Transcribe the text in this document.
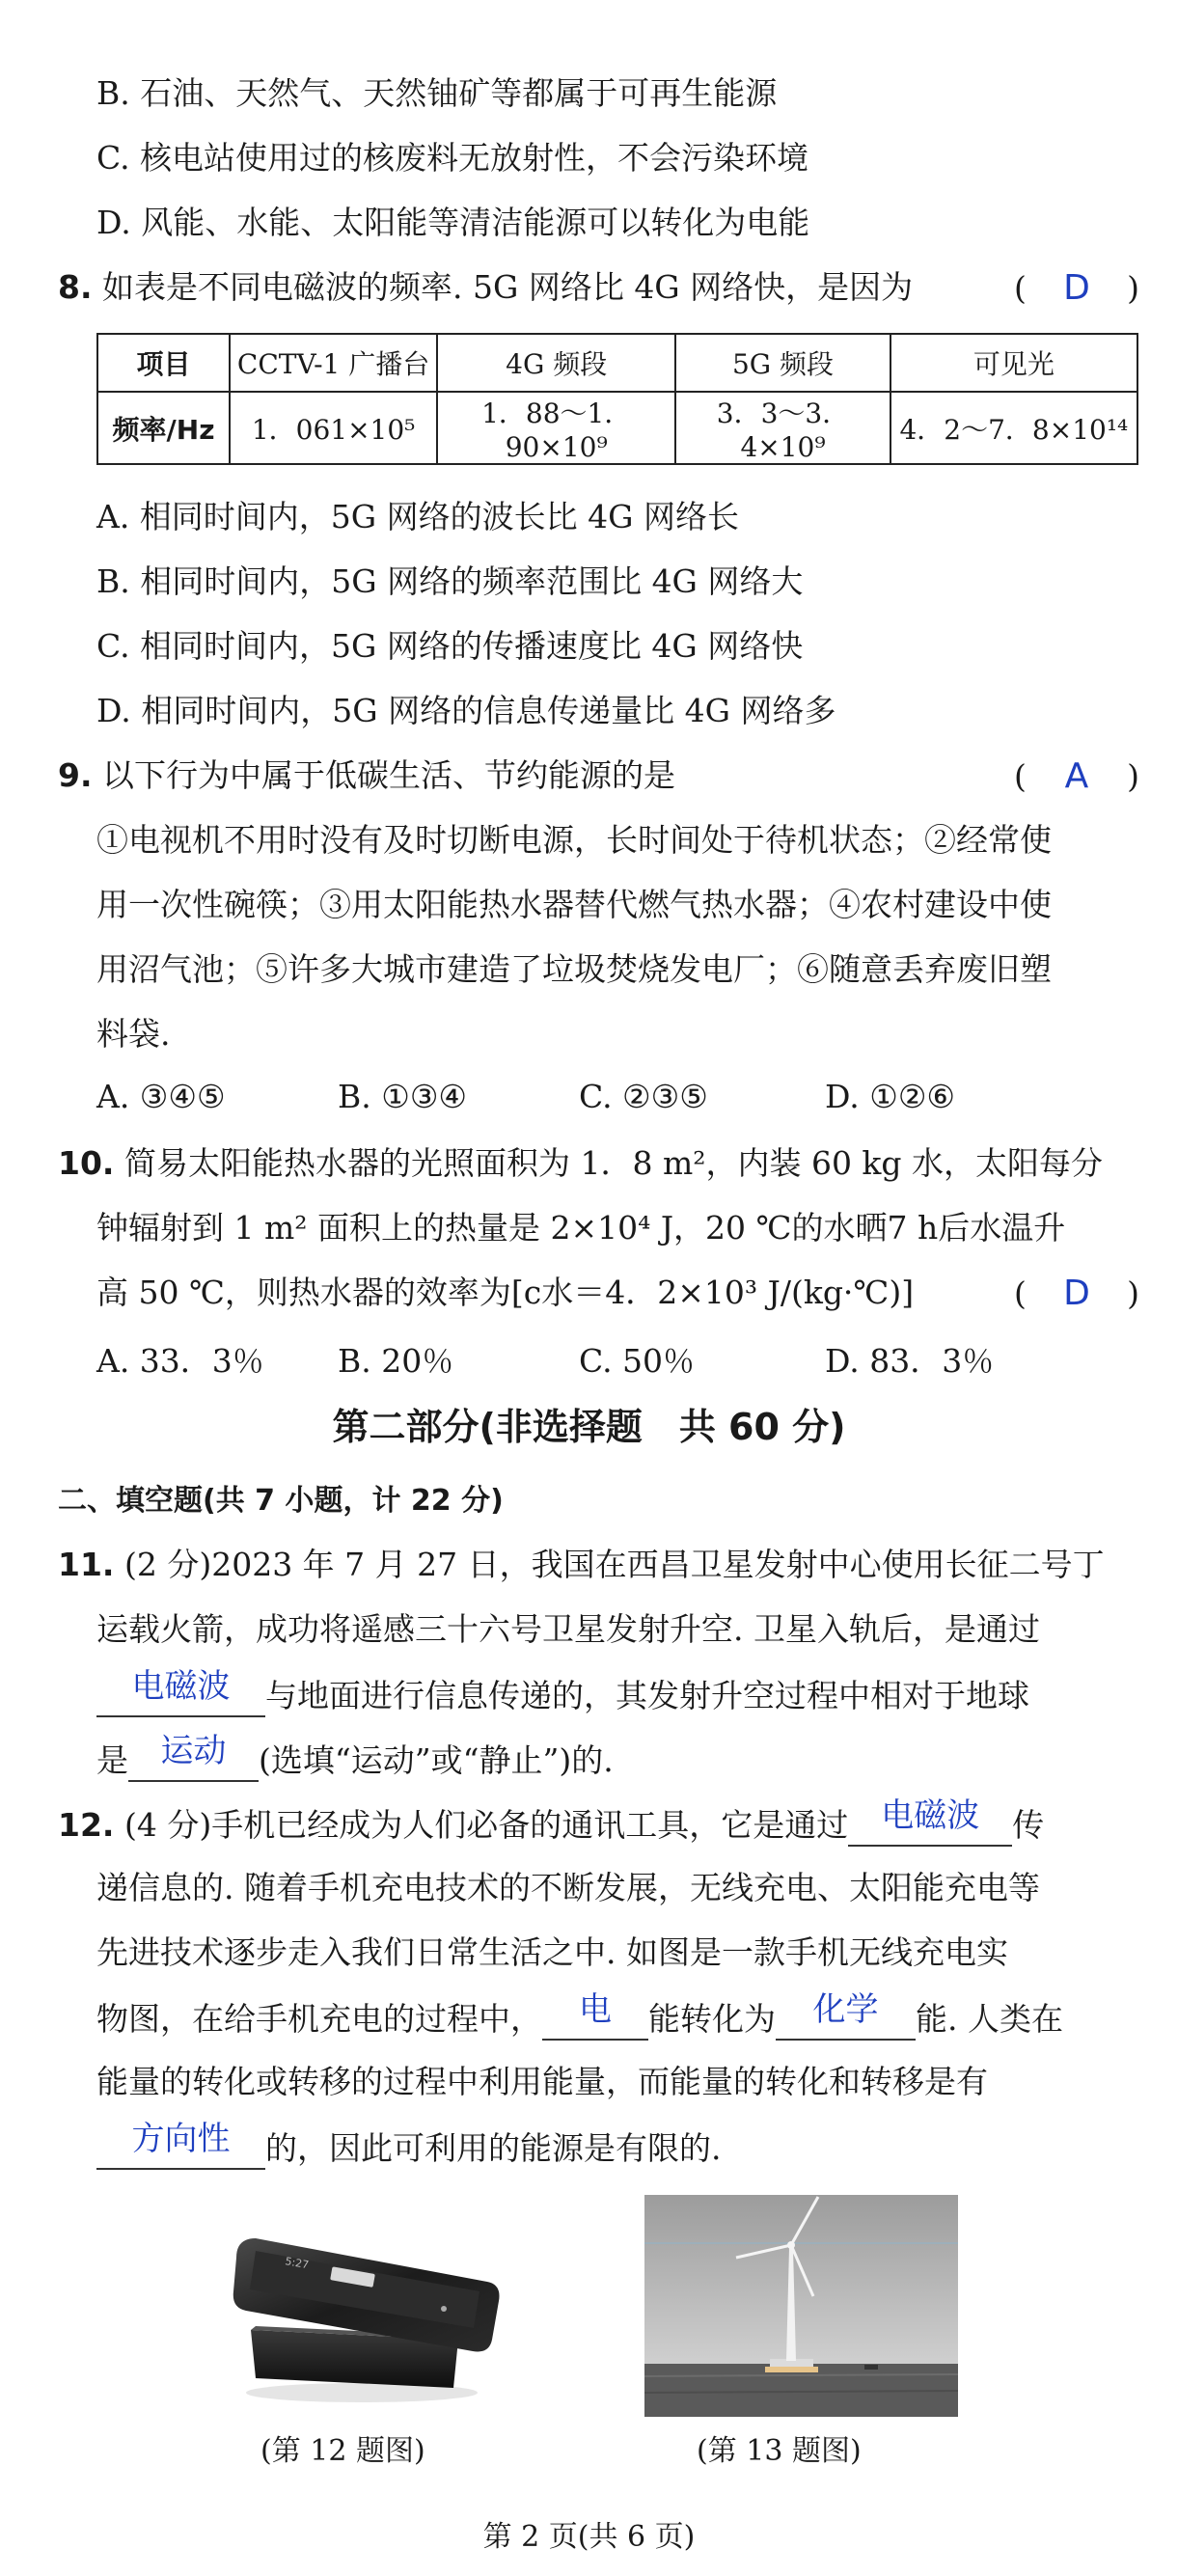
B. 石油、天然气、天然铀矿等都属于可再生能源
C. 核电站使用过的核废料无放射性，不会污染环境
D. 风能、水能、太阳能等清洁能源可以转化为电能
8. 如表是不同电磁波的频率. 5G 网络比 4G 网络快，是因为	(	D	)
项目	CCTV-1 广播台	4G 频段	5G 频段	可见光
频率/Hz	1．061×10⁵	1．88～1．90×10⁹	3．3～3．4×10⁹	4．2～7．8×10¹⁴
A. 相同时间内，5G 网络的波长比 4G 网络长
B. 相同时间内，5G 网络的频率范围比 4G 网络大
C. 相同时间内，5G 网络的传播速度比 4G 网络快
D. 相同时间内，5G 网络的信息传递量比 4G 网络多
9. 以下行为中属于低碳生活、节约能源的是	(	A	)
①电视机不用时没有及时切断电源，长时间处于待机状态；②经常使
用一次性碗筷；③用太阳能热水器替代燃气热水器；④农村建设中使
用沼气池；⑤许多大城市建造了垃圾焚烧发电厂；⑥随意丢弃废旧塑
料袋.
A. ③④⑤	B. ①③④	C. ②③⑤	D. ①②⑥
10. 简易太阳能热水器的光照面积为 1．8 m²，内装 60 kg 水，太阳每分
钟辐射到 1 m² 面积上的热量是 2×10⁴ J，20 ℃的水晒7 h后水温升
高 50 ℃，则热水器的效率为[c水＝4．2×10³ J/(kg·℃)]	(	D	)
A. 33．3％ B. 20％	C. 50％	D. 83．3％
第二部分(非选择题　共 60 分)
二、填空题(共 7 小题，计 22 分)
11. (2 分)2023 年 7 月 27 日，我国在西昌卫星发射中心使用长征二号丁
运载火箭，成功将遥感三十六号卫星发射升空. 卫星入轨后，是通过
电磁波 与地面进行信息传递的，其发射升空过程中相对于地球
是 运动 (选填“运动”或“静止”)的.
12. (4 分)手机已经成为人们必备的通讯工具，它是通过 电磁波 传
递信息的. 随着手机充电技术的不断发展，无线充电、太阳能充电等
先进技术逐步走入我们日常生活之中. 如图是一款手机无线充电实
物图，在给手机充电的过程中， 电 能转化为 化学 能. 人类在
能量的转化或转移的过程中利用能量，而能量的转化和转移是有
方向性 的，因此可利用的能源是有限的.
5:27
(第 12 题图)	(第 13 题图)
第 2 页(共 6 页)
